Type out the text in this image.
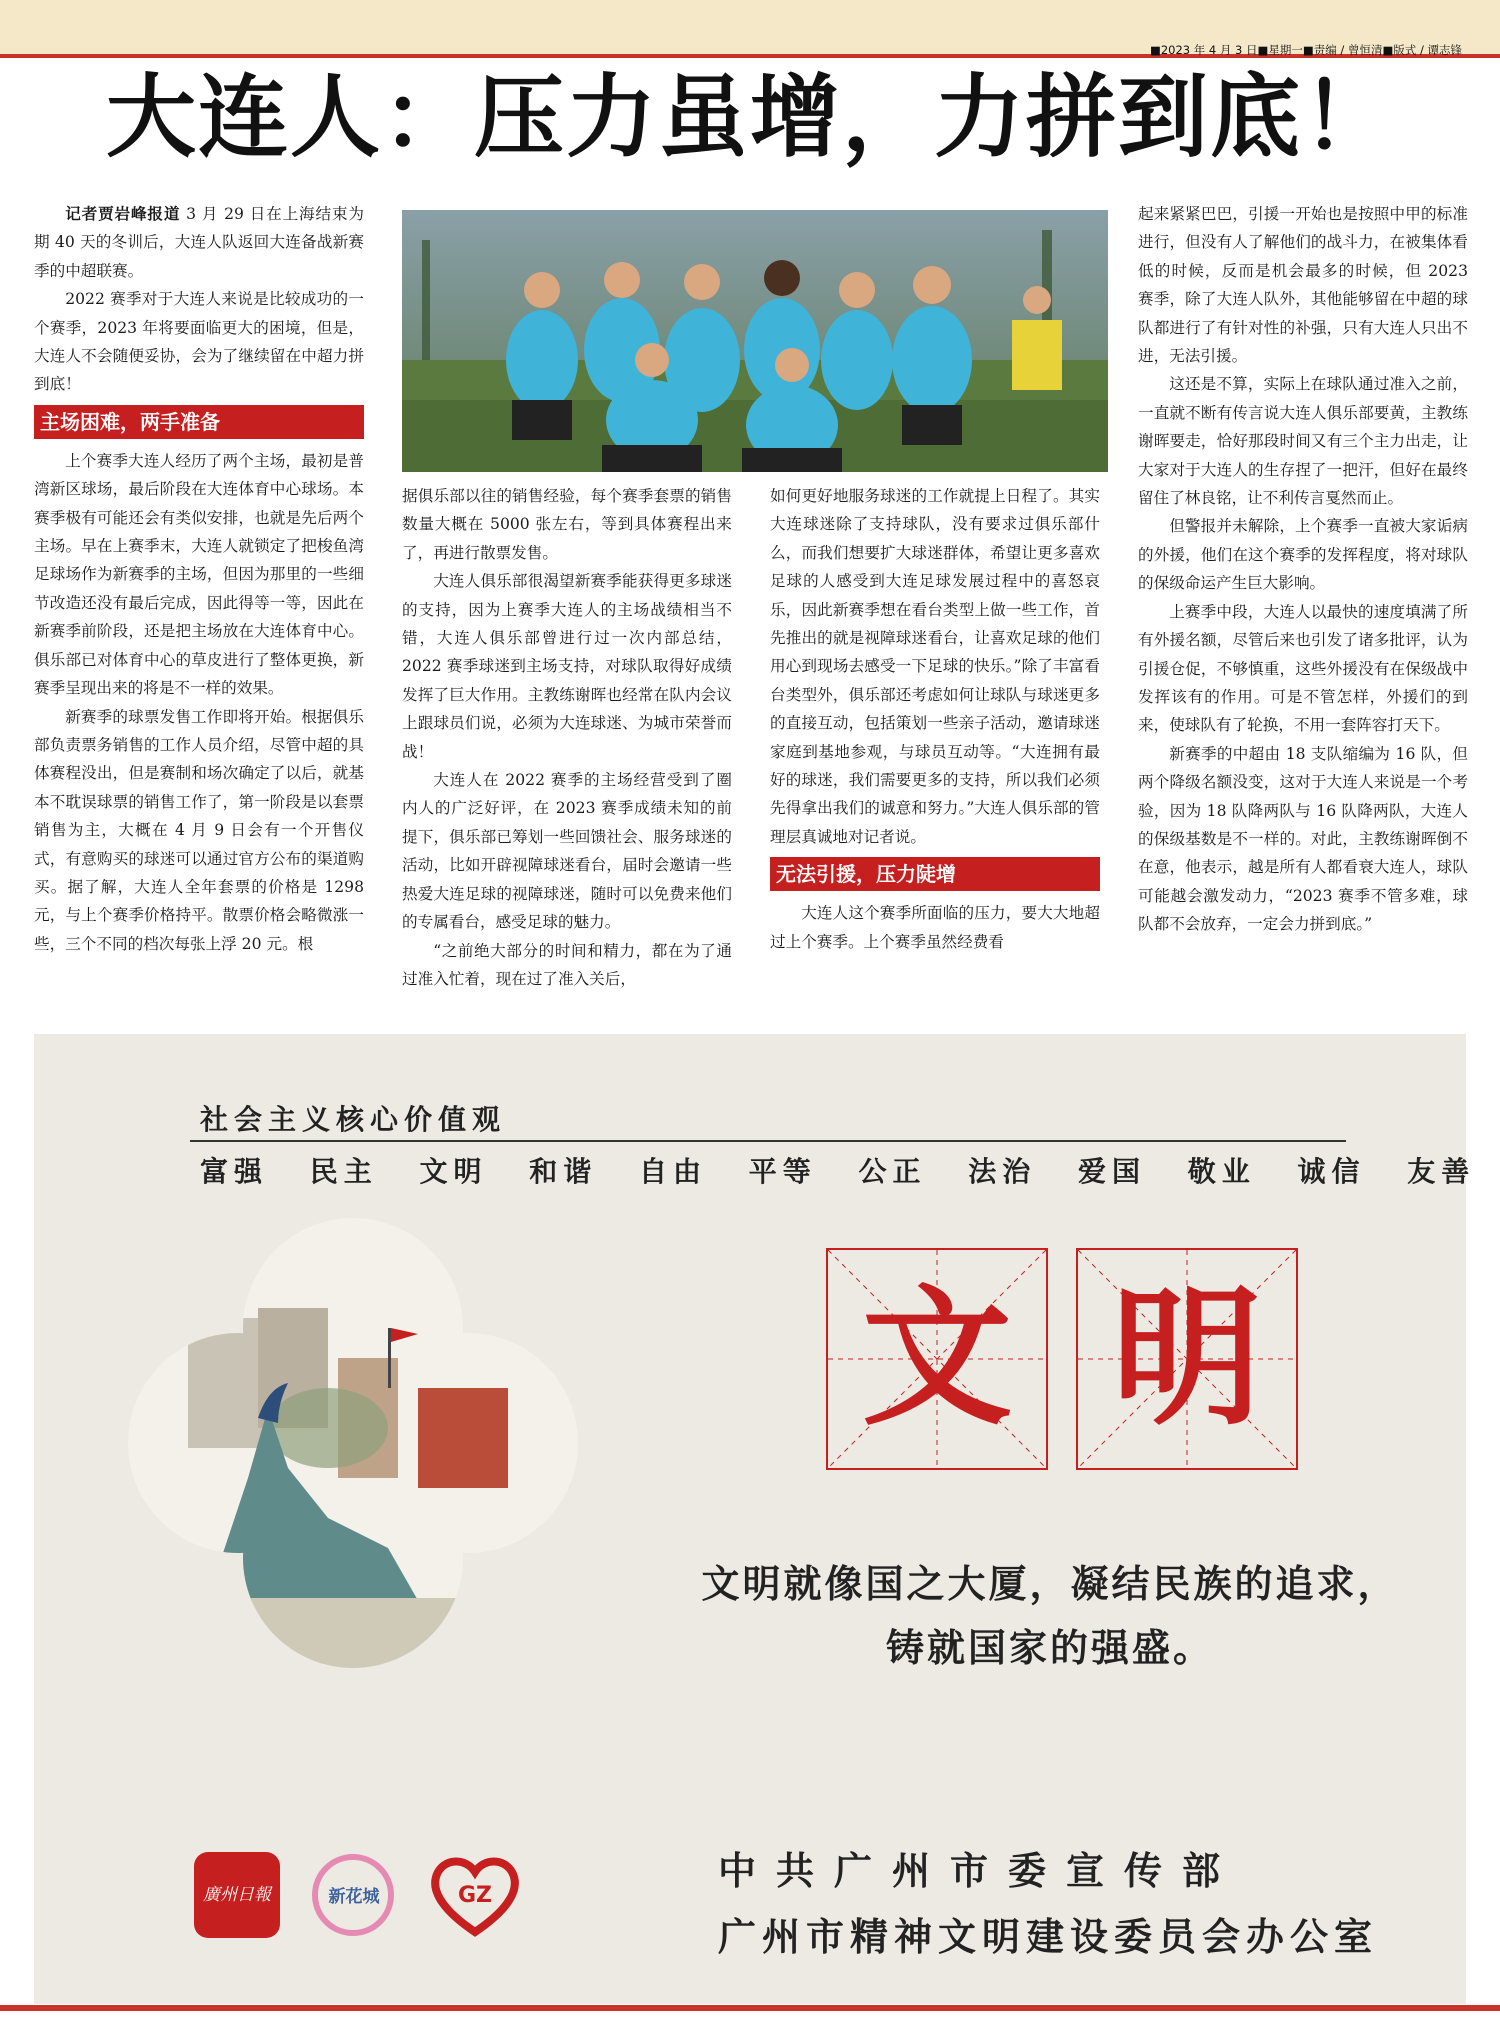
■2023 年 4 月 3 日■星期一■责编 / 曾恒清■版式 / 谭志锋
大连人：压力虽增，力拼到底！

记者贾岩峰报道 3 月 29 日在上海结束为期 40 天的冬训后，大连人队返回大连备战新赛季的中超联赛。

2022 赛季对于大连人来说是比较成功的一个赛季，2023 年将要面临更大的困境，但是，大连人不会随便妥协，会为了继续留在中超力拼到底！

主场困难，两手准备

上个赛季大连人经历了两个主场，最初是普湾新区球场，最后阶段在大连体育中心球场。本赛季极有可能还会有类似安排，也就是先后两个主场。早在上赛季末，大连人就锁定了把梭鱼湾足球场作为新赛季的主场，但因为那里的一些细节改造还没有最后完成，因此得等一等，因此在新赛季前阶段，还是把主场放在大连体育中心。俱乐部已对体育中心的草皮进行了整体更换，新赛季呈现出来的将是不一样的效果。

新赛季的球票发售工作即将开始。根据俱乐部负责票务销售的工作人员介绍，尽管中超的具体赛程没出，但是赛制和场次确定了以后，就基本不耽误球票的销售工作了，第一阶段是以套票销售为主，大概在 4 月 9 日会有一个开售仪式，有意购买的球迷可以通过官方公布的渠道购买。据了解，大连人全年套票的价格是 1298 元，与上个赛季价格持平。散票价格会略微涨一些，三个不同的档次每张上浮 20 元。根

据俱乐部以往的销售经验，每个赛季套票的销售数量大概在 5000 张左右，等到具体赛程出来了，再进行散票发售。

大连人俱乐部很渴望新赛季能获得更多球迷的支持，因为上赛季大连人的主场战绩相当不错，大连人俱乐部曾进行过一次内部总结，2022 赛季球迷到主场支持，对球队取得好成绩发挥了巨大作用。主教练谢晖也经常在队内会议上跟球员们说，必须为大连球迷、为城市荣誉而战！

大连人在 2022 赛季的主场经营受到了圈内人的广泛好评，在 2023 赛季成绩未知的前提下，俱乐部已筹划一些回馈社会、服务球迷的活动，比如开辟视障球迷看台，届时会邀请一些热爱大连足球的视障球迷，随时可以免费来他们的专属看台，感受足球的魅力。

“之前绝大部分的时间和精力，都在为了通过准入忙着，现在过了准入关后，

如何更好地服务球迷的工作就提上日程了。其实大连球迷除了支持球队，没有要求过俱乐部什么，而我们想要扩大球迷群体，希望让更多喜欢足球的人感受到大连足球发展过程中的喜怒哀乐，因此新赛季想在看台类型上做一些工作，首先推出的就是视障球迷看台，让喜欢足球的他们用心到现场去感受一下足球的快乐。”除了丰富看台类型外，俱乐部还考虑如何让球队与球迷更多的直接互动，包括策划一些亲子活动，邀请球迷家庭到基地参观，与球员互动等。“大连拥有最好的球迷，我们需要更多的支持，所以我们必须先得拿出我们的诚意和努力。”大连人俱乐部的管理层真诚地对记者说。

无法引援，压力陡增

大连人这个赛季所面临的压力，要大大地超过上个赛季。上个赛季虽然经费看

起来紧紧巴巴，引援一开始也是按照中甲的标准进行，但没有人了解他们的战斗力，在被集体看低的时候，反而是机会最多的时候，但 2023 赛季，除了大连人队外，其他能够留在中超的球队都进行了有针对性的补强，只有大连人只出不进，无法引援。

这还是不算，实际上在球队通过准入之前，一直就不断有传言说大连人俱乐部要黄，主教练谢晖要走，恰好那段时间又有三个主力出走，让大家对于大连人的生存捏了一把汗，但好在最终留住了林良铭，让不利传言戛然而止。

但警报并未解除，上个赛季一直被大家诟病的外援，他们在这个赛季的发挥程度，将对球队的保级命运产生巨大影响。

上赛季中段，大连人以最快的速度填满了所有外援名额，尽管后来也引发了诸多批评，认为引援仓促，不够慎重，这些外援没有在保级战中发挥该有的作用。可是不管怎样，外援们的到来，使球队有了轮换，不用一套阵容打天下。

新赛季的中超由 18 支队缩编为 16 队，但两个降级名额没变，这对于大连人来说是一个考验，因为 18 队降两队与 16 队降两队，大连人的保级基数是不一样的。对此，主教练谢晖倒不在意，他表示，越是所有人都看衰大连人，球队可能越会激发动力，“2023 赛季不管多难，球队都不会放弃，一定会力拼到底。”

社会主义核心价值观
富强 民主 文明 和谐 自由 平等 公正 法治 爱国 敬业 诚信 友善
文 明
文明就像国之大厦，凝结民族的追求，
铸就国家的强盛。
廣州日報	新花城	GZ
中共广州市委宣传部
广州市精神文明建设委员会办公室
